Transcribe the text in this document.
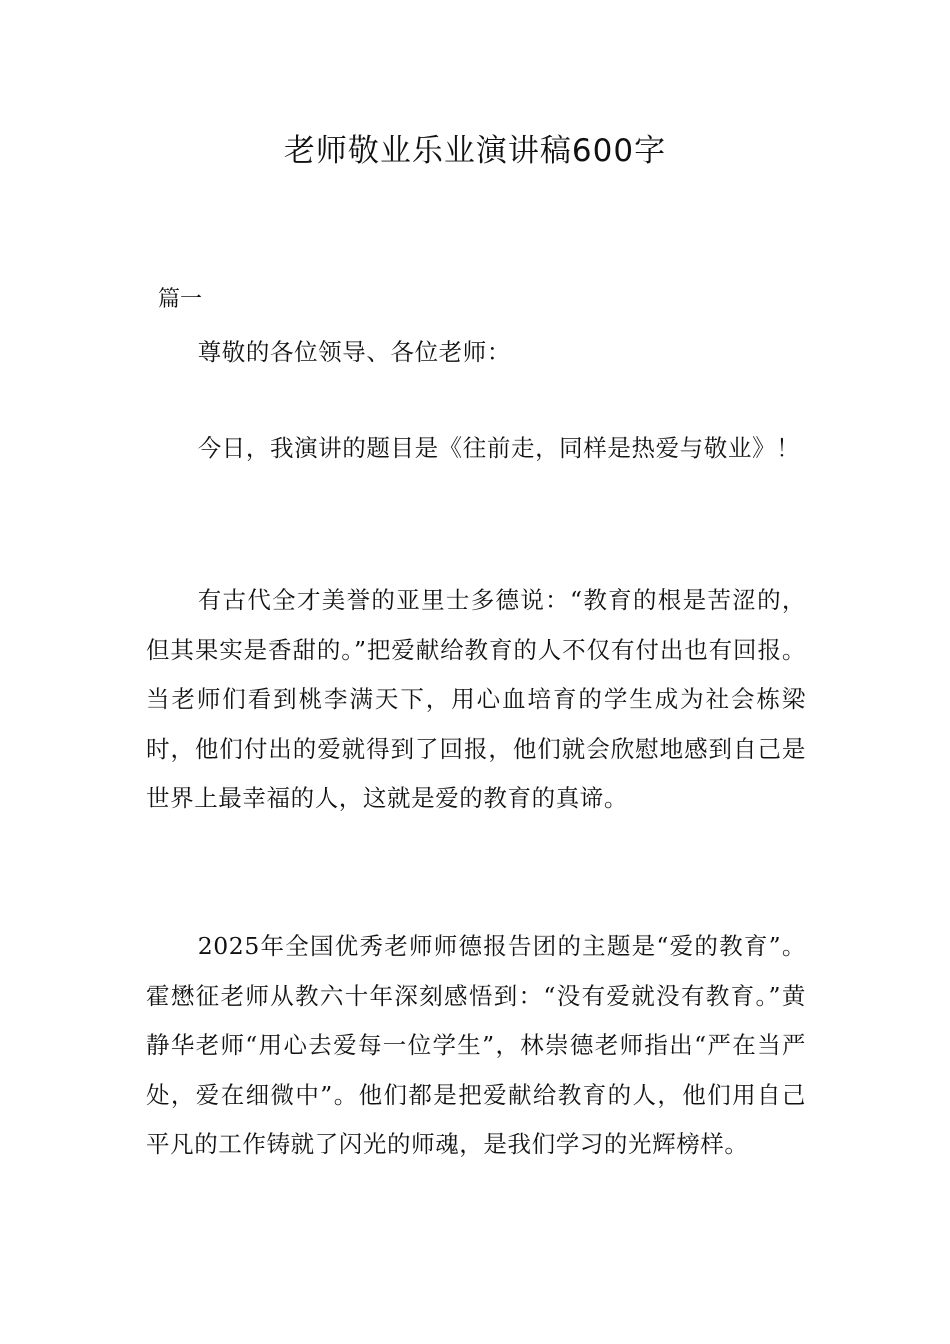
老师敬业乐业演讲稿600字

篇一

尊敬的各位领导、各位老师：

今日，我演讲的题目是《往前走，同样是热爱与敬业》！

有古代全才美誉的亚里士多德说：“教育的根是苦涩的，但其果实是香甜的。”把爱献给教育的人不仅有付出也有回报。当老师们看到桃李满天下，用心血培育的学生成为社会栋梁时，他们付出的爱就得到了回报，他们就会欣慰地感到自己是世界上最幸福的人，这就是爱的教育的真谛。

2025年全国优秀老师师德报告团的主题是“爱的教育”。霍懋征老师从教六十年深刻感悟到：“没有爱就没有教育。”黄静华老师“用心去爱每一位学生”，林崇德老师指出“严在当严处，爱在细微中”。他们都是把爱献给教育的人，他们用自己平凡的工作铸就了闪光的师魂，是我们学习的光辉榜样。
